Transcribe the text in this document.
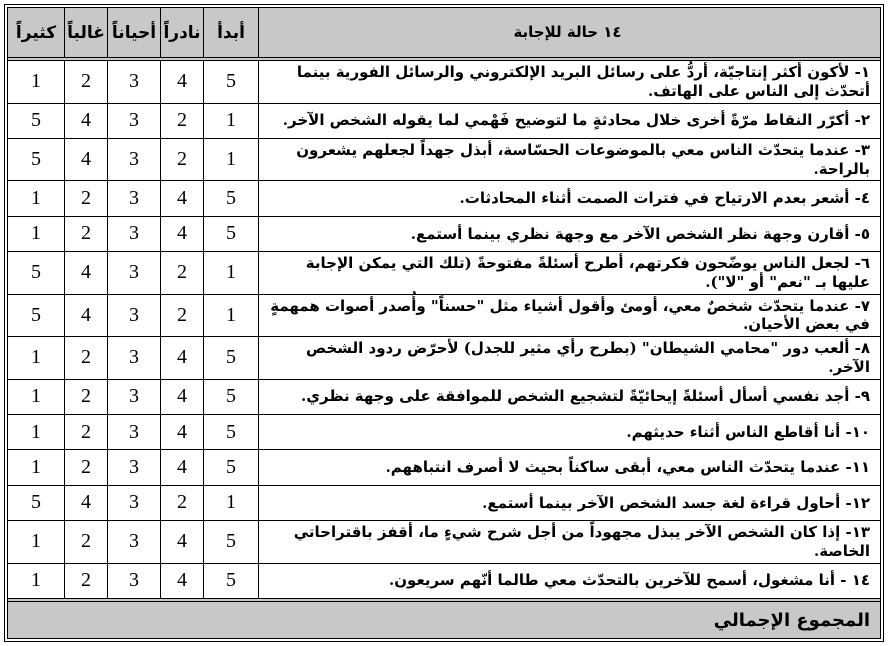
كثيراً غالباً أحياناً نادراً أبدأ	١٤ حالة للإجابة
1	2	3	4	5	١- لأكون أكثر إنتاجيّة، أردُّ على رسائل البريد الإلكتروني والرسائل الفورية بينما أتحدّث إلى الناس على الهاتف.
5	4	3	2	1	٢- أكرّر النقاط مرّةً أخرى خلال محادثةٍ ما لتوضيح فَهْمي لما يقوله الشخص الآخر.
5	4	3	2	1	٣- عندما يتحدّث الناس معي بالموضوعات الحسّاسة، أبذل جهداً لجعلهم يشعرون بالراحة.
1	2	3	4	5	٤- أشعر بعدم الارتياح في فترات الصمت أثناء المحادثات.
1	2	3	4	5	٥- أقارن وجهة نظر الشخص الآخر مع وجهة نظري بينما أستمع.
5	4	3	2	1	٦- لجعل الناس يوضّحون فكرتهم، أطرح أسئلةً مفتوحةً (تلك التي يمكن الإجابة عليها بـ "نعم" أو "لا").
5	4	3	2	1	٧- عندما يتحدّث شخصٌ معي، أومئ وأقول أشياء مثل "حسناً" وأُصدر أصوات همهمةٍ في بعض الأحيان.
1	2	3	4	5	٨- ألعب دور "محامي الشيطان" (بطرح رأي مثير للجدل) لأحرّض ردود الشخص الآخر.
1	2	3	4	5	٩- أجد نفسي أسأل أسئلةً إيحائيّةً لتشجيع الشخص للموافقة على وجهة نظري.
1	2	3	4	5	١٠- أنا أقاطع الناس أثناء حديثهم.
1	2	3	4	5	١١- عندما يتحدّث الناس معي، أبقى ساكناً بحيث لا أصرف انتباههم.
5	4	3	2	1	١٢- أحاول قراءة لغة جسد الشخص الآخر بينما أستمع.
1	2	3	4	5	١٣- إذا كان الشخص الآخر يبذل مجهوداً من أجل شرح شيءٍ ما، أقفز باقتراحاتي الخاصة.
1	2	3	4	5	١٤ - أنا مشغول، أسمح للآخرين بالتحدّث معي طالما أنّهم سريعون.
المجموع الإجمالي
